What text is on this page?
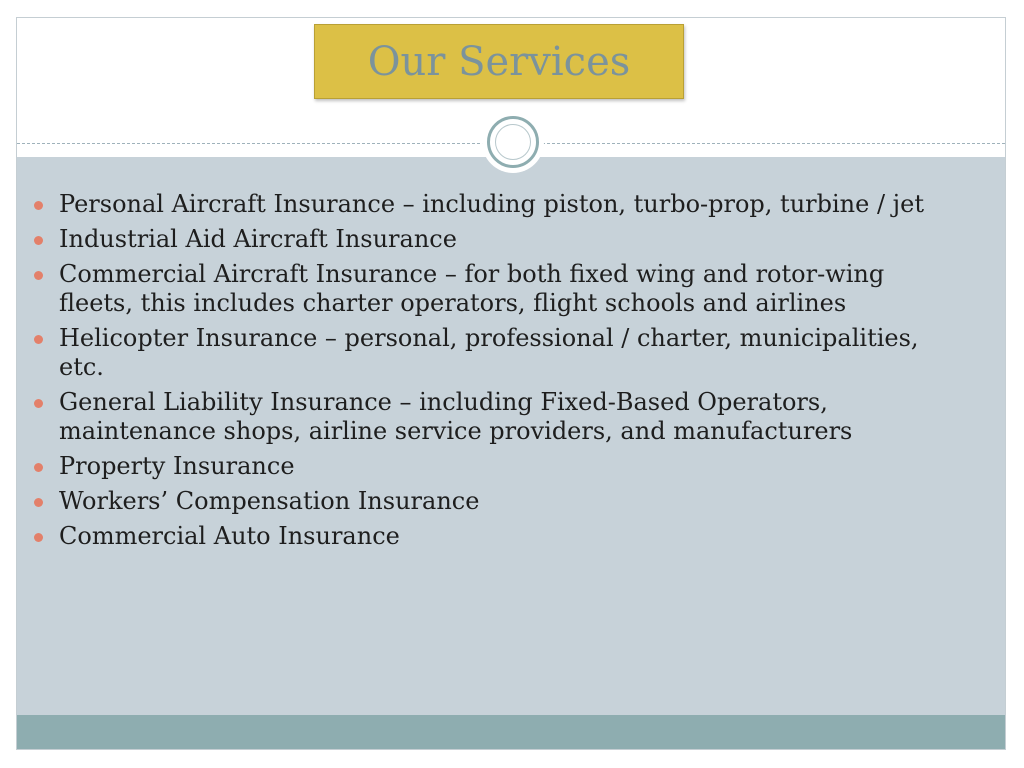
Our Services
Personal Aircraft Insurance – including piston, turbo-prop, turbine / jet
Industrial Aid Aircraft Insurance
Commercial Aircraft Insurance – for both fixed wing and rotor-wing fleets, this includes charter operators, flight schools and airlines
Helicopter Insurance – personal, professional / charter, municipalities, etc.
General Liability Insurance – including Fixed-Based Operators, maintenance shops, airline service providers, and manufacturers
Property Insurance
Workers’ Compensation Insurance
Commercial Auto Insurance
